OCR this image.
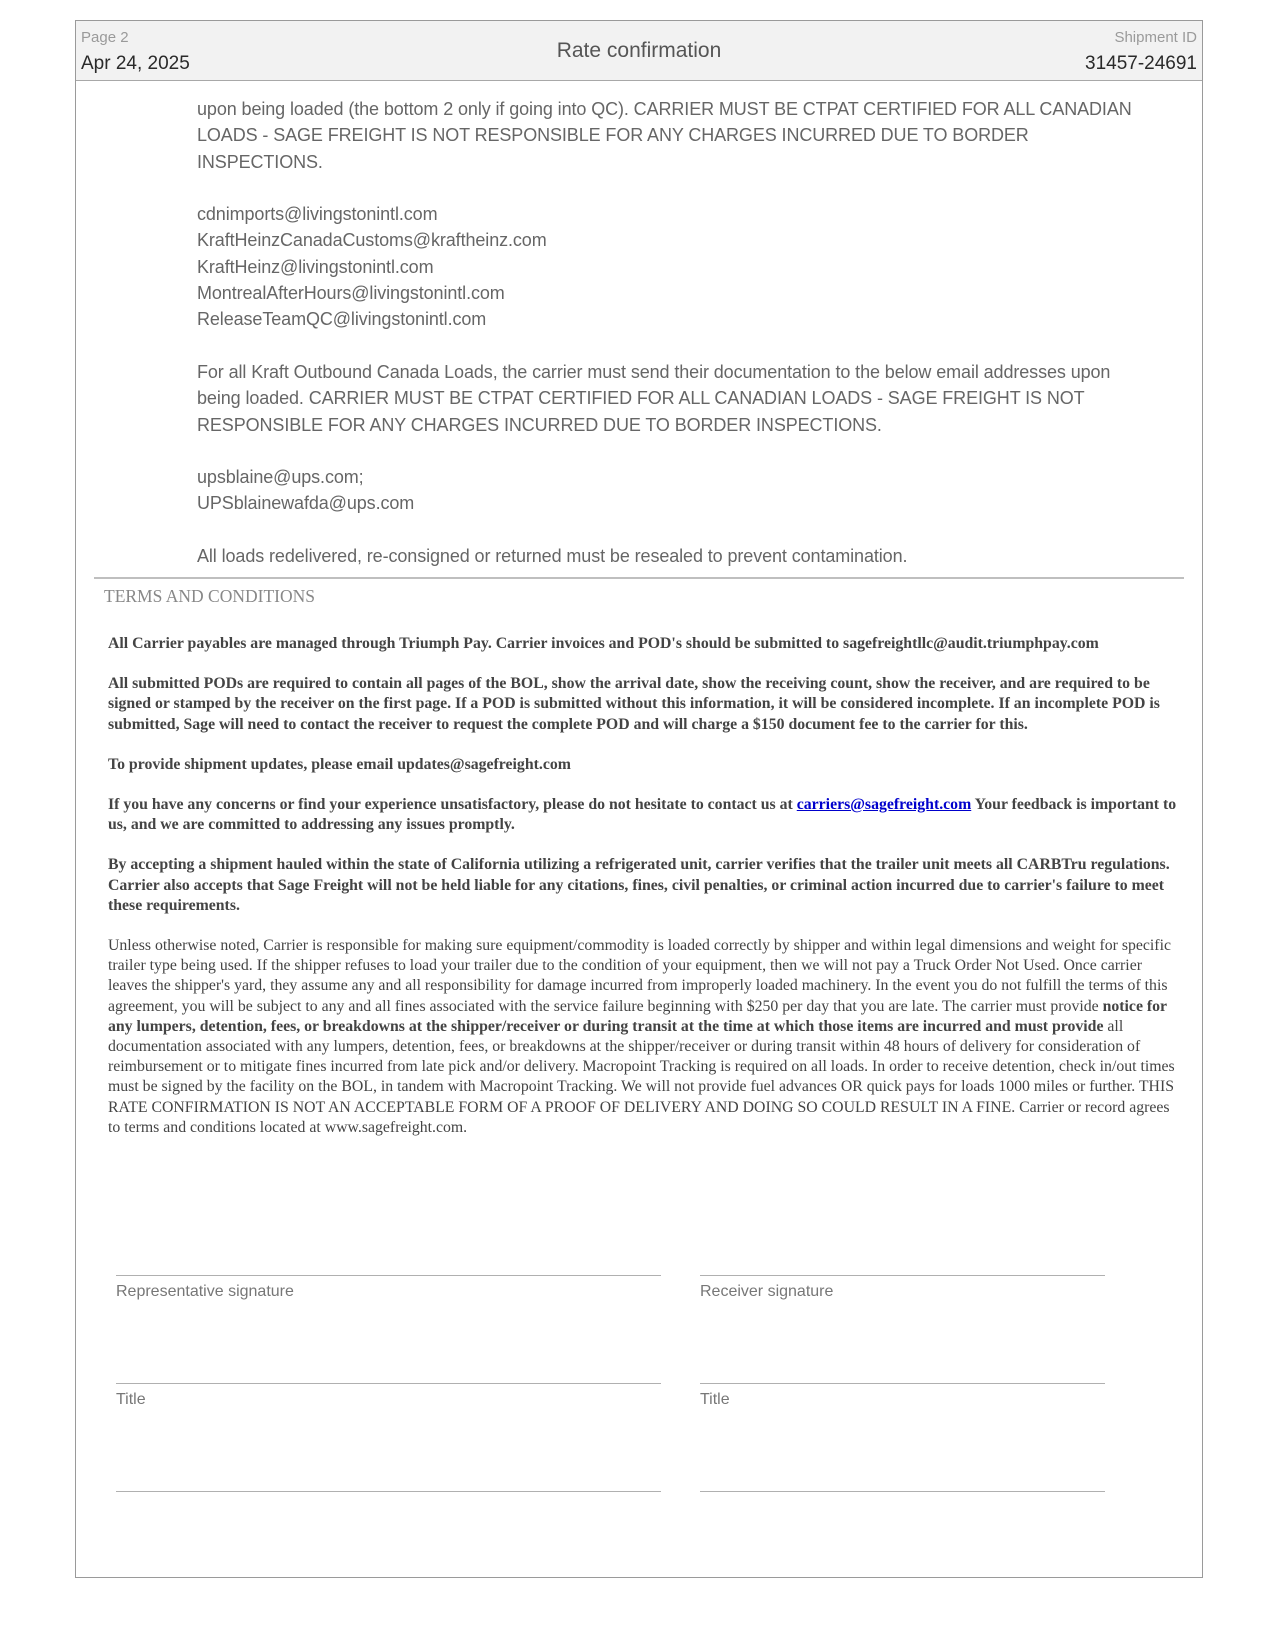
Page 2
Apr 24, 2025
Rate confirmation
Shipment ID
31457-24691

upon being loaded (the bottom 2 only if going into QC). CARRIER MUST BE CTPAT CERTIFIED FOR ALL CANADIAN LOADS - SAGE FREIGHT IS NOT RESPONSIBLE FOR ANY CHARGES INCURRED DUE TO BORDER INSPECTIONS.

cdnimports@livingstonintl.com

KraftHeinzCanadaCustoms@kraftheinz.com

KraftHeinz@livingstonintl.com

MontrealAfterHours@livingstonintl.com

ReleaseTeamQC@livingstonintl.com

For all Kraft Outbound Canada Loads, the carrier must send their documentation to the below email addresses upon being loaded. CARRIER MUST BE CTPAT CERTIFIED FOR ALL CANADIAN LOADS - SAGE FREIGHT IS NOT RESPONSIBLE FOR ANY CHARGES INCURRED DUE TO BORDER INSPECTIONS.

upsblaine@ups.com;

UPSblainewafda@ups.com

All loads redelivered, re-consigned or returned must be resealed to prevent contamination.

TERMS AND CONDITIONS

All Carrier payables are managed through Triumph Pay. Carrier invoices and POD's should be submitted to sagefreightllc@audit.triumphpay.com

All submitted PODs are required to contain all pages of the BOL, show the arrival date, show the receiving count, show the receiver, and are required to be signed or stamped by the receiver on the first page. If a POD is submitted without this information, it will be considered incomplete. If an incomplete POD is submitted, Sage will need to contact the receiver to request the complete POD and will charge a $150 document fee to the carrier for this.

To provide shipment updates, please email updates@sagefreight.com

If you have any concerns or find your experience unsatisfactory, please do not hesitate to contact us at carriers@sagefreight.com Your feedback is important to us, and we are committed to addressing any issues promptly.

By accepting a shipment hauled within the state of California utilizing a refrigerated unit, carrier verifies that the trailer unit meets all CARBTru regulations. Carrier also accepts that Sage Freight will not be held liable for any citations, fines, civil penalties, or criminal action incurred due to carrier's failure to meet these requirements.

Unless otherwise noted, Carrier is responsible for making sure equipment/commodity is loaded correctly by shipper and within legal dimensions and weight for specific trailer type being used. If the shipper refuses to load your trailer due to the condition of your equipment, then we will not pay a Truck Order Not Used. Once carrier leaves the shipper's yard, they assume any and all responsibility for damage incurred from improperly loaded machinery. In the event you do not fulfill the terms of this agreement, you will be subject to any and all fines associated with the service failure beginning with $250 per day that you are late. The carrier must provide notice for any lumpers, detention, fees, or breakdowns at the shipper/receiver or during transit at the time at which those items are incurred and must provide all documentation associated with any lumpers, detention, fees, or breakdowns at the shipper/receiver or during transit within 48 hours of delivery for consideration of reimbursement or to mitigate fines incurred from late pick and/or delivery. Macropoint Tracking is required on all loads. In order to receive detention, check in/out times must be signed by the facility on the BOL, in tandem with Macropoint Tracking. We will not provide fuel advances OR quick pays for loads 1000 miles or further. THIS RATE CONFIRMATION IS NOT AN ACCEPTABLE FORM OF A PROOF OF DELIVERY AND DOING SO COULD RESULT IN A FINE. Carrier or record agrees to terms and conditions located at www.sagefreight.com.

Representative signature	Receiver signature
Title	Title
